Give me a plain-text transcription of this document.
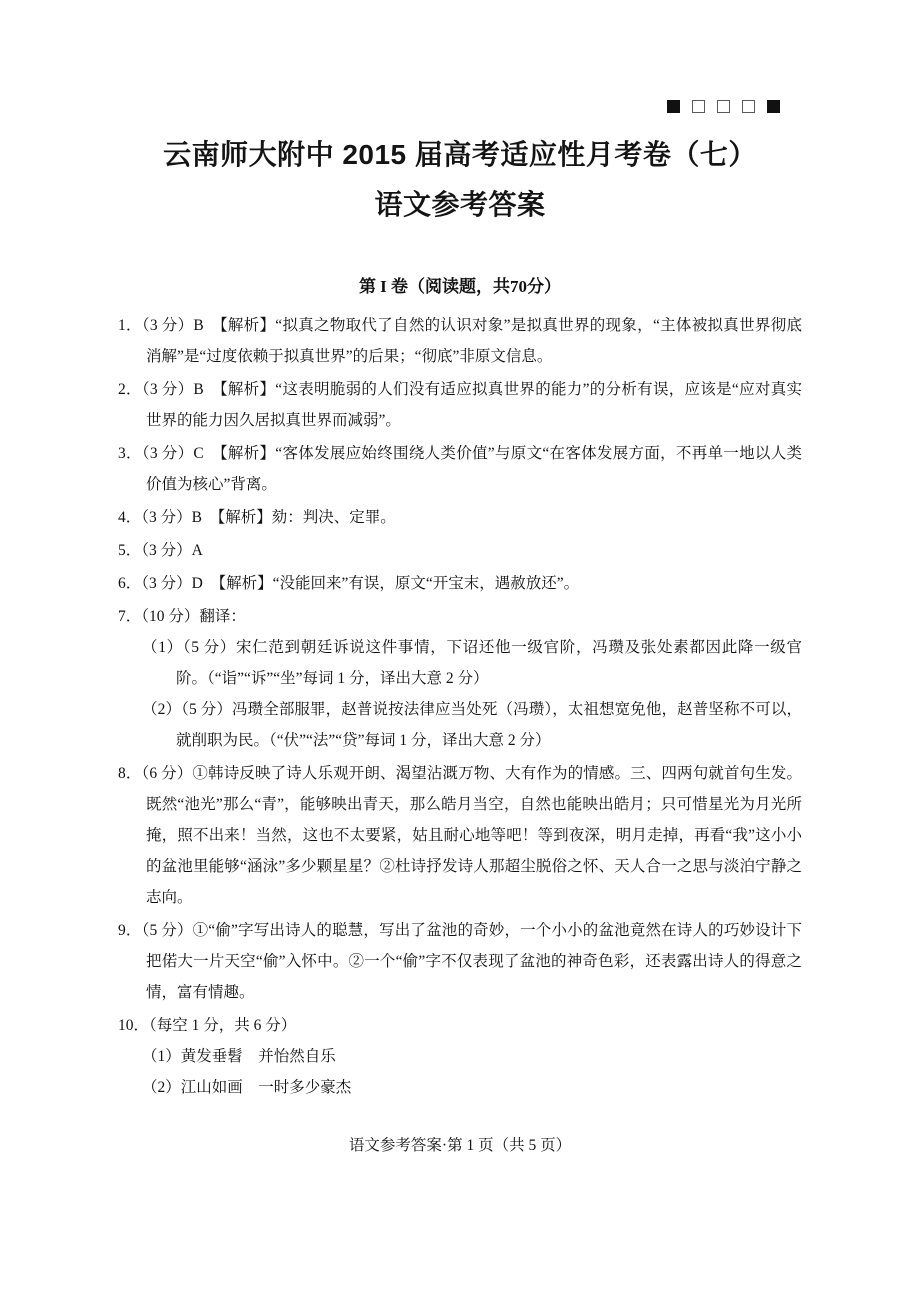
云南师大附中 2015 届高考适应性月考卷（七）
语文参考答案
第 I 卷（阅读题，共70分）

1．（3 分）B　【解析】“拟真之物取代了自然的认识对象”是拟真世界的现象，“主体被拟真世界彻底消解”是“过度依赖于拟真世界”的后果；“彻底”非原文信息。

2．（3 分）B　【解析】“这表明脆弱的人们没有适应拟真世界的能力”的分析有误，应该是“应对真实世界的能力因久居拟真世界而减弱”。

3．（3 分）C　【解析】“客体发展应始终围绕人类价值”与原文“在客体发展方面，不再单一地以人类价值为核心”背离。

4．（3 分）B　【解析】劾：判决、定罪。

5．（3 分）A

6．（3 分）D　【解析】“没能回来”有误，原文“开宝末，遇赦放还”。

7．（10 分）翻译：

（1）（5 分）宋仁范到朝廷诉说这件事情，下诏还他一级官阶，冯瓒及张处素都因此降一级官阶。（“诣”“诉”“坐”每词 1 分，译出大意 2 分）

（2）（5 分）冯瓒全部服罪，赵普说按法律应当处死（冯瓒），太祖想宽免他，赵普坚称不可以，就削职为民。（“伏”“法”“贷”每词 1 分，译出大意 2 分）

8．（6 分）①韩诗反映了诗人乐观开朗、渴望沾溉万物、大有作为的情感。三、四两句就首句生发。既然“池光”那么“青”，能够映出青天，那么皓月当空，自然也能映出皓月；只可惜星光为月光所掩，照不出来！当然，这也不太要紧，姑且耐心地等吧！等到夜深，明月走掉，再看“我”这小小的盆池里能够“涵泳”多少颗星星？②杜诗抒发诗人那超尘脱俗之怀、天人合一之思与淡泊宁静之志向。

9．（5 分）①“偷”字写出诗人的聪慧，写出了盆池的奇妙，一个小小的盆池竟然在诗人的巧妙设计下把偌大一片天空“偷”入怀中。②一个“偷”字不仅表现了盆池的神奇色彩，还表露出诗人的得意之情，富有情趣。

10．（每空 1 分，共 6 分）

（1）黄发垂髫　并怡然自乐

（2）江山如画　一时多少豪杰

语文参考答案·第 1 页（共 5 页）
